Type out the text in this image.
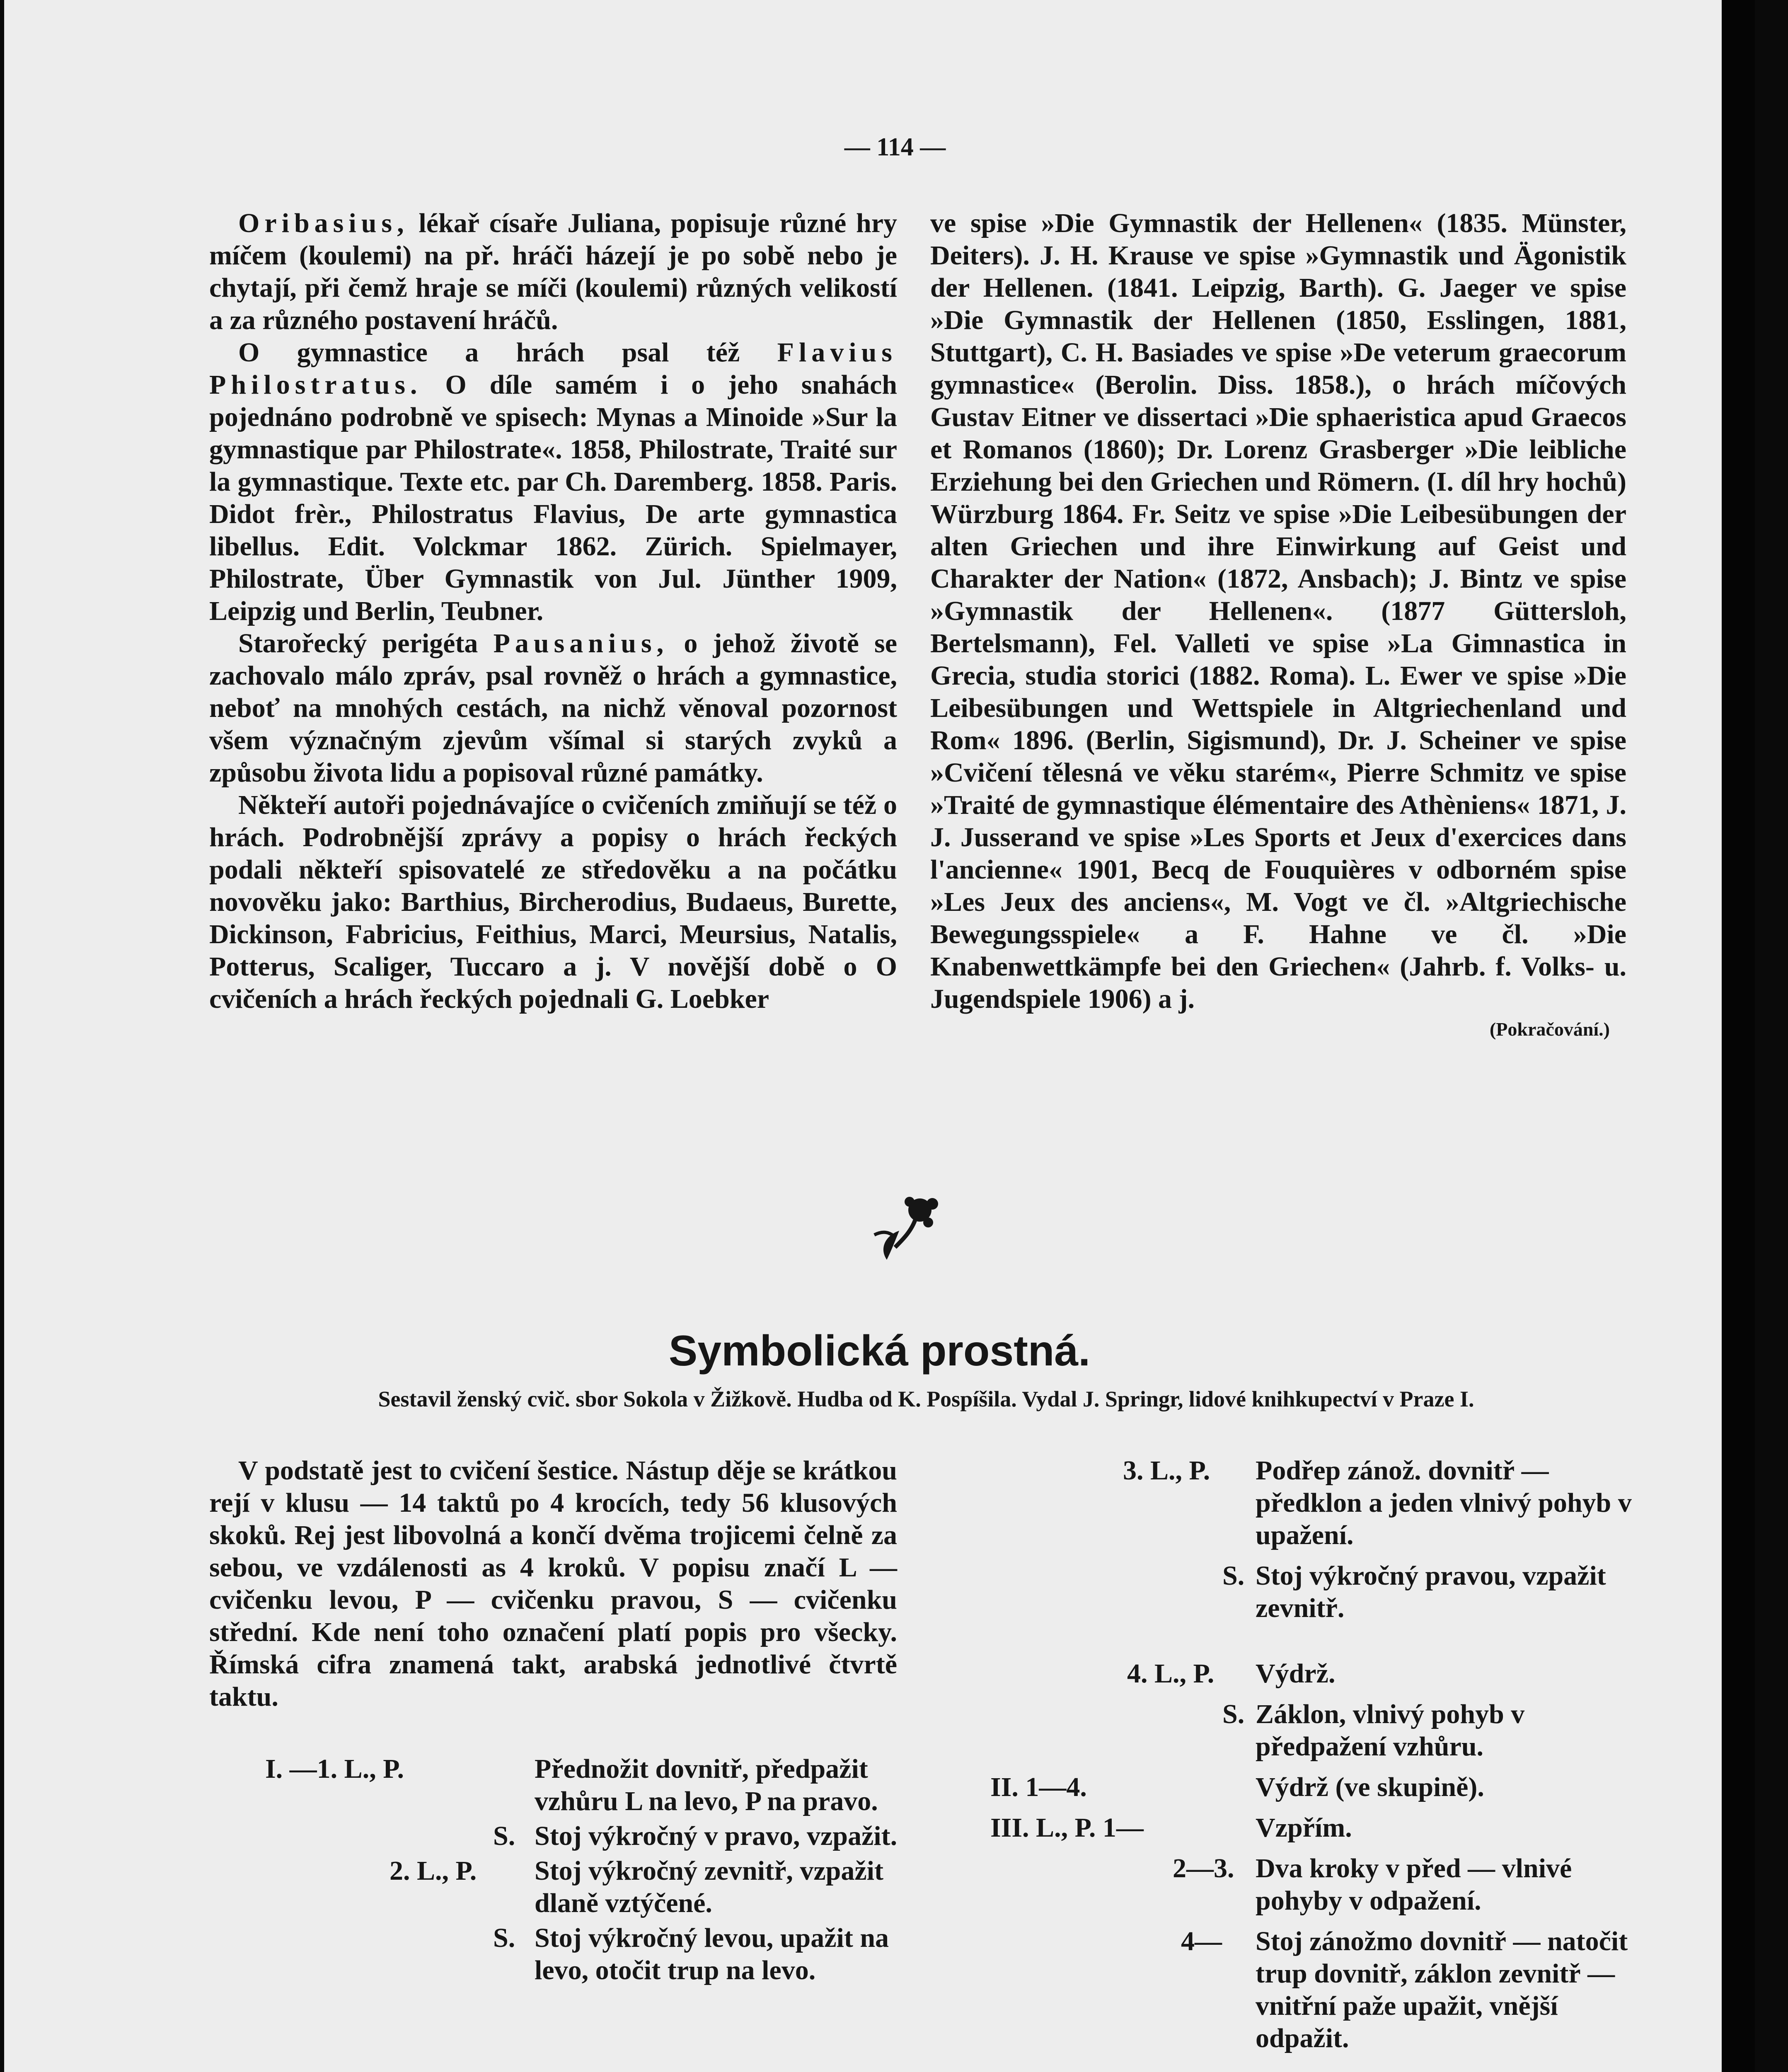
— 114 —

Oribasius, lékař císaře Juliana, popisuje různé hry míčem (koulemi) na př. hráči házejí je po sobě nebo je chytají, při čemž hraje se míči (koulemi) různých velikostí a za různého postavení hráčů.

O gymnastice a hrách psal též Flavius Philostratus. O díle samém i o jeho snahách pojednáno podrobně ve spisech: Mynas a Minoide »Sur la gymnastique par Philostrate«. 1858, Philostrate, Traité sur la gymnastique. Texte etc. par Ch. Daremberg. 1858. Paris. Didot frèr., Philostratus Flavius, De arte gymnastica libellus. Edit. Volckmar 1862. Zürich. Spielmayer, Philostrate, Über Gymnastik von Jul. Jünther 1909, Leipzig und Berlin, Teubner.

Starořecký perigéta Pausanius, o jehož životě se zachovalo málo zpráv, psal rovněž o hrách a gymnastice, neboť na mnohých cestách, na nichž věnoval pozornost všem význačným zjevům všímal si starých zvyků a způsobu života lidu a popisoval různé památky.

Někteří autoři pojednávajíce o cvičeních zmiňují se též o hrách. Podrobnější zprávy a popisy o hrách řeckých podali někteří spisovatelé ze středověku a na počátku novověku jako: Barthius, Bircherodius, Budaeus, Burette, Dickinson, Fabricius, Feithius, Marci, Meursius, Natalis, Potterus, Scaliger, Tuccaro a j. V novější době o O cvičeních a hrách řeckých pojednali G. Loebker

ve spise »Die Gymnastik der Hellenen« (1835. Münster, Deiters). J. H. Krause ve spise »Gymnastik und Ägonistik der Hellenen. (1841. Leipzig, Barth). G. Jaeger ve spise »Die Gymnastik der Hellenen (1850, Esslingen, 1881, Stuttgart), C. H. Basiades ve spise »De veterum graecorum gymnastice« (Berolin. Diss. 1858.), o hrách míčových Gustav Eitner ve dissertaci »Die sphaeristica apud Graecos et Romanos (1860); Dr. Lorenz Grasberger »Die leibliche Erziehung bei den Griechen und Römern. (I. díl hry hochů) Würzburg 1864. Fr. Seitz ve spise »Die Leibesübungen der alten Griechen und ihre Einwirkung auf Geist und Charakter der Nation« (1872, Ansbach); J. Bintz ve spise »Gymnastik der Hellenen«. (1877 Güttersloh, Bertelsmann), Fel. Valleti ve spise »La Gimnastica in Grecia, studia storici (1882. Roma). L. Ewer ve spise »Die Leibesübungen und Wettspiele in Altgriechenland und Rom« 1896. (Berlin, Sigismund), Dr. J. Scheiner ve spise »Cvičení tělesná ve věku starém«, Pierre Schmitz ve spise »Traité de gymnastique élémentaire des Athèniens« 1871, J. J. Jusserand ve spise »Les Sports et Jeux d'exercices dans l'ancienne« 1901, Becq de Fouquières v odborném spise »Les Jeux des anciens«, M. Vogt ve čl. »Altgriechische Bewegungsspiele« a F. Hahne ve čl. »Die Knabenwettkämpfe bei den Griechen« (Jahrb. f. Volks- u. Jugendspiele 1906) a j.

(Pokračování.)
Symbolická prostná.
Sestavil ženský cvič. sbor Sokola v Žižkově. Hudba od K. Pospíšila. Vydal J. Springr, lidové knihkupectví v Praze I.

V podstatě jest to cvičení šestice. Nástup děje se krátkou rejí v klusu — 14 taktů po 4 krocích, tedy 56 klusových skoků. Rej jest libovolná a končí dvěma trojicemi čelně za sebou, ve vzdálenosti as 4 kroků. V popisu značí L — cvičenku levou, P — cvičenku pravou, S — cvičenku střední. Kde není toho označení platí popis pro všecky. Římská cifra znamená takt, arabská jednotlivé čtvrtě taktu.

I. —1. L., P.	Přednožit dovnitř, předpažit vzhůru L na levo, P na pravo.
S. Stoj výkročný v pravo, vzpažit.
2. L., P. Stoj výkročný zevnitř, vzpažit dlaně vztýčené.
S. Stoj výkročný levou, upažit na levo, otočit trup na levo.
3. L., P. Podřep zánož. dovnitř — předklon a jeden vlnivý pohyb v upažení.
S. Stoj výkročný pravou, vzpažit zevnitř.
4. L., P. Výdrž.
S. Záklon, vlnivý pohyb v předpažení vzhůru.
II. 1—4.	Výdrž (ve skupině).
III. L., P. 1—	Vzpřím.
2—3. Dva kroky v před — vlnivé pohyby v odpažení.
4— Stoj zánožmo dovnitř — natočit trup dovnitř, záklon zevnitř — vnitřní paže upažit, vnější odpažit.
